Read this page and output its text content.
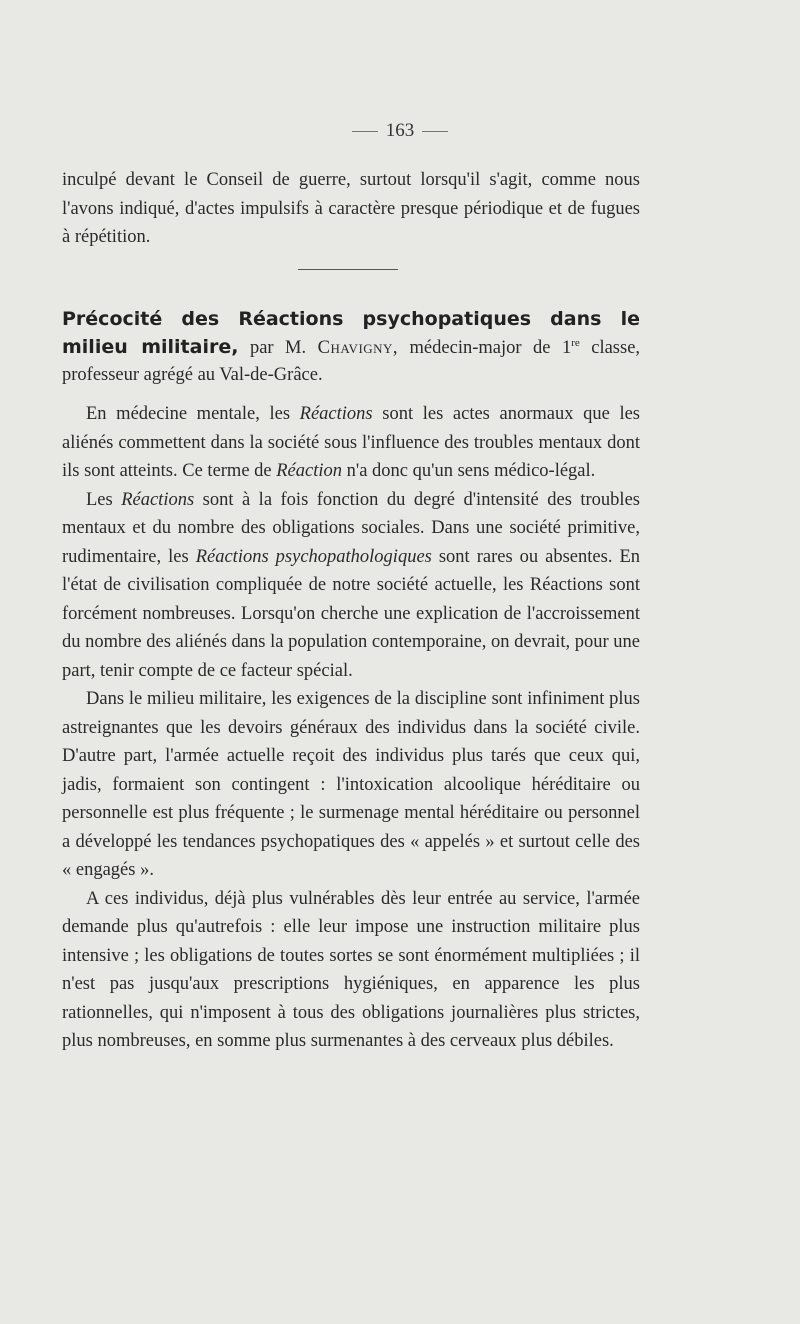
163

inculpé devant le Conseil de guerre, surtout lorsqu'il s'agit, comme nous l'avons indiqué, d'actes impulsifs à caractère presque périodique et de fugues à répétition.

Précocité des Réactions psychopatiques dans le milieu militaire, par M. Chavigny, médecin-major de 1re classe, professeur agrégé au Val-de-Grâce.

En médecine mentale, les Réactions sont les actes anormaux que les aliénés commettent dans la société sous l'influence des troubles mentaux dont ils sont atteints. Ce terme de Réaction n'a donc qu'un sens médico-légal.

Les Réactions sont à la fois fonction du degré d'intensité des troubles mentaux et du nombre des obligations sociales. Dans une société primitive, rudimentaire, les Réactions psychopathologiques sont rares ou absentes. En l'état de civilisation compliquée de notre société actuelle, les Réactions sont forcément nombreuses. Lorsqu'on cherche une explication de l'accroissement du nombre des aliénés dans la population contemporaine, on devrait, pour une part, tenir compte de ce facteur spécial.

Dans le milieu militaire, les exigences de la discipline sont infiniment plus astreignantes que les devoirs généraux des individus dans la société civile. D'autre part, l'armée actuelle reçoit des individus plus tarés que ceux qui, jadis, formaient son contingent : l'intoxication alcoolique héréditaire ou personnelle est plus fréquente ; le surmenage mental héréditaire ou personnel a développé les tendances psychopatiques des « appelés » et surtout celle des « engagés ».

A ces individus, déjà plus vulnérables dès leur entrée au service, l'armée demande plus qu'autrefois : elle leur impose une instruction militaire plus intensive ; les obligations de toutes sortes se sont énormément multipliées ; il n'est pas jusqu'aux prescriptions hygiéniques, en apparence les plus rationnelles, qui n'imposent à tous des obligations journalières plus strictes, plus nombreuses, en somme plus surmenantes à des cerveaux plus débiles.
